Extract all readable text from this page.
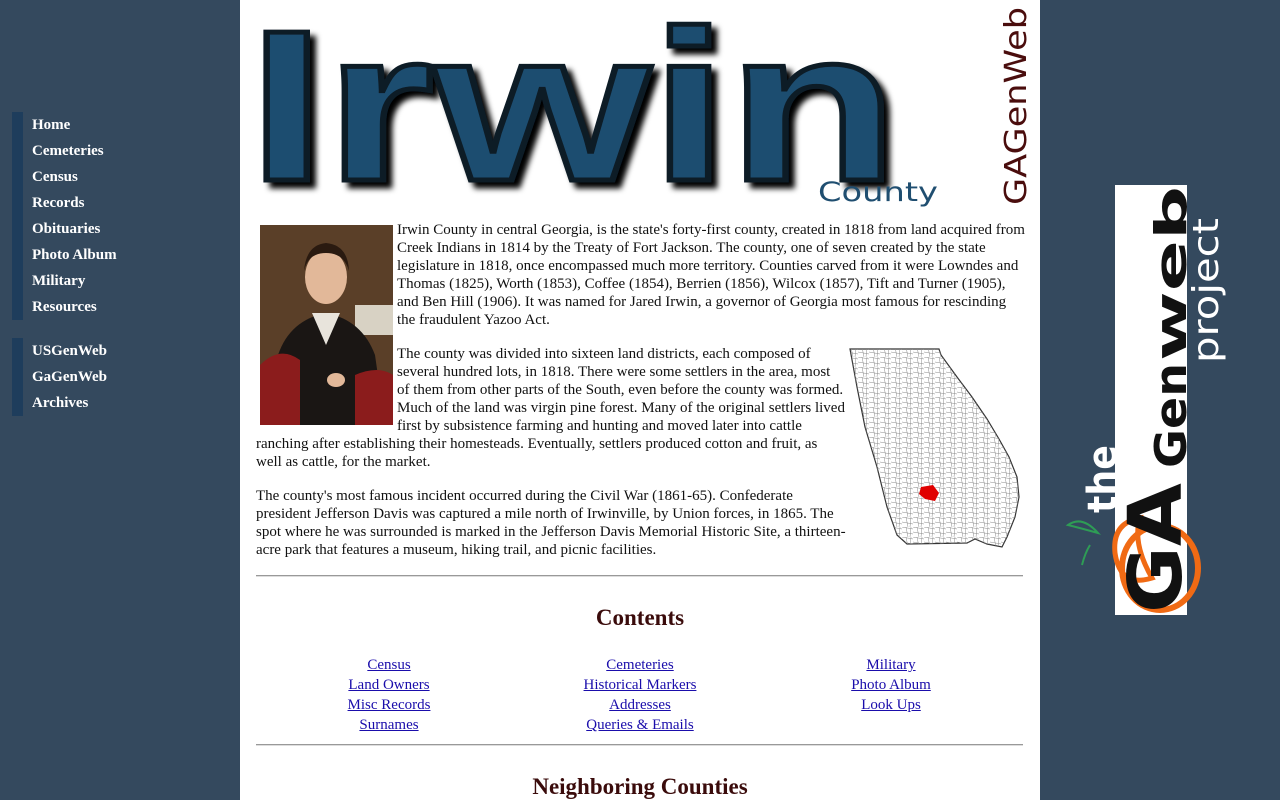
Home
Cemeteries
Census
Records
Obituaries
Photo Album
Military
Resources
USGenWeb
GaGenWeb
Archives
Irwin
County GAGenWeb

Irwin County in central Georgia, is the state's forty-first county, created in 1818 from land acquired from Creek Indians in 1814 by the Treaty of Fort Jackson. The county, one of seven created by the state legislature in 1818, once encompassed much more territory. Counties carved from it were Lowndes and Thomas (1825), Worth (1853), Coffee (1854), Berrien (1856), Wilcox (1857), Tift and Turner (1905), and Ben Hill (1906). It was named for Jared Irwin, a governor of Georgia most famous for rescinding the fraudulent Yazoo Act.

The county was divided into sixteen land districts, each composed of several hundred lots, in 1818. There were some settlers in the area, most of them from other parts of the South, even before the county was formed. Much of the land was virgin pine forest. Many of the original settlers lived first by subsistence farming and hunting and moved later into cattle ranching after establishing their homesteads. Eventually, settlers produced cotton and fruit, as well as cattle, for the market.

The county's most famous incident occurred during the Civil War (1861-65). Confederate president Jefferson Davis was captured a mile north of Irwinville, by Union forces, in 1865. The spot where he was surrounded is marked in the Jefferson Davis Memorial Historic Site, a thirteen-acre park that features a museum, hiking trail, and picnic facilities.

Contents
Census
Land Owners
Misc Records
Surnames
Cemeteries
Historical Markers
Addresses
Queries & Emails
Military
Photo Album
Look Ups
Neighboring Counties
the
GA
Gen
web
project
